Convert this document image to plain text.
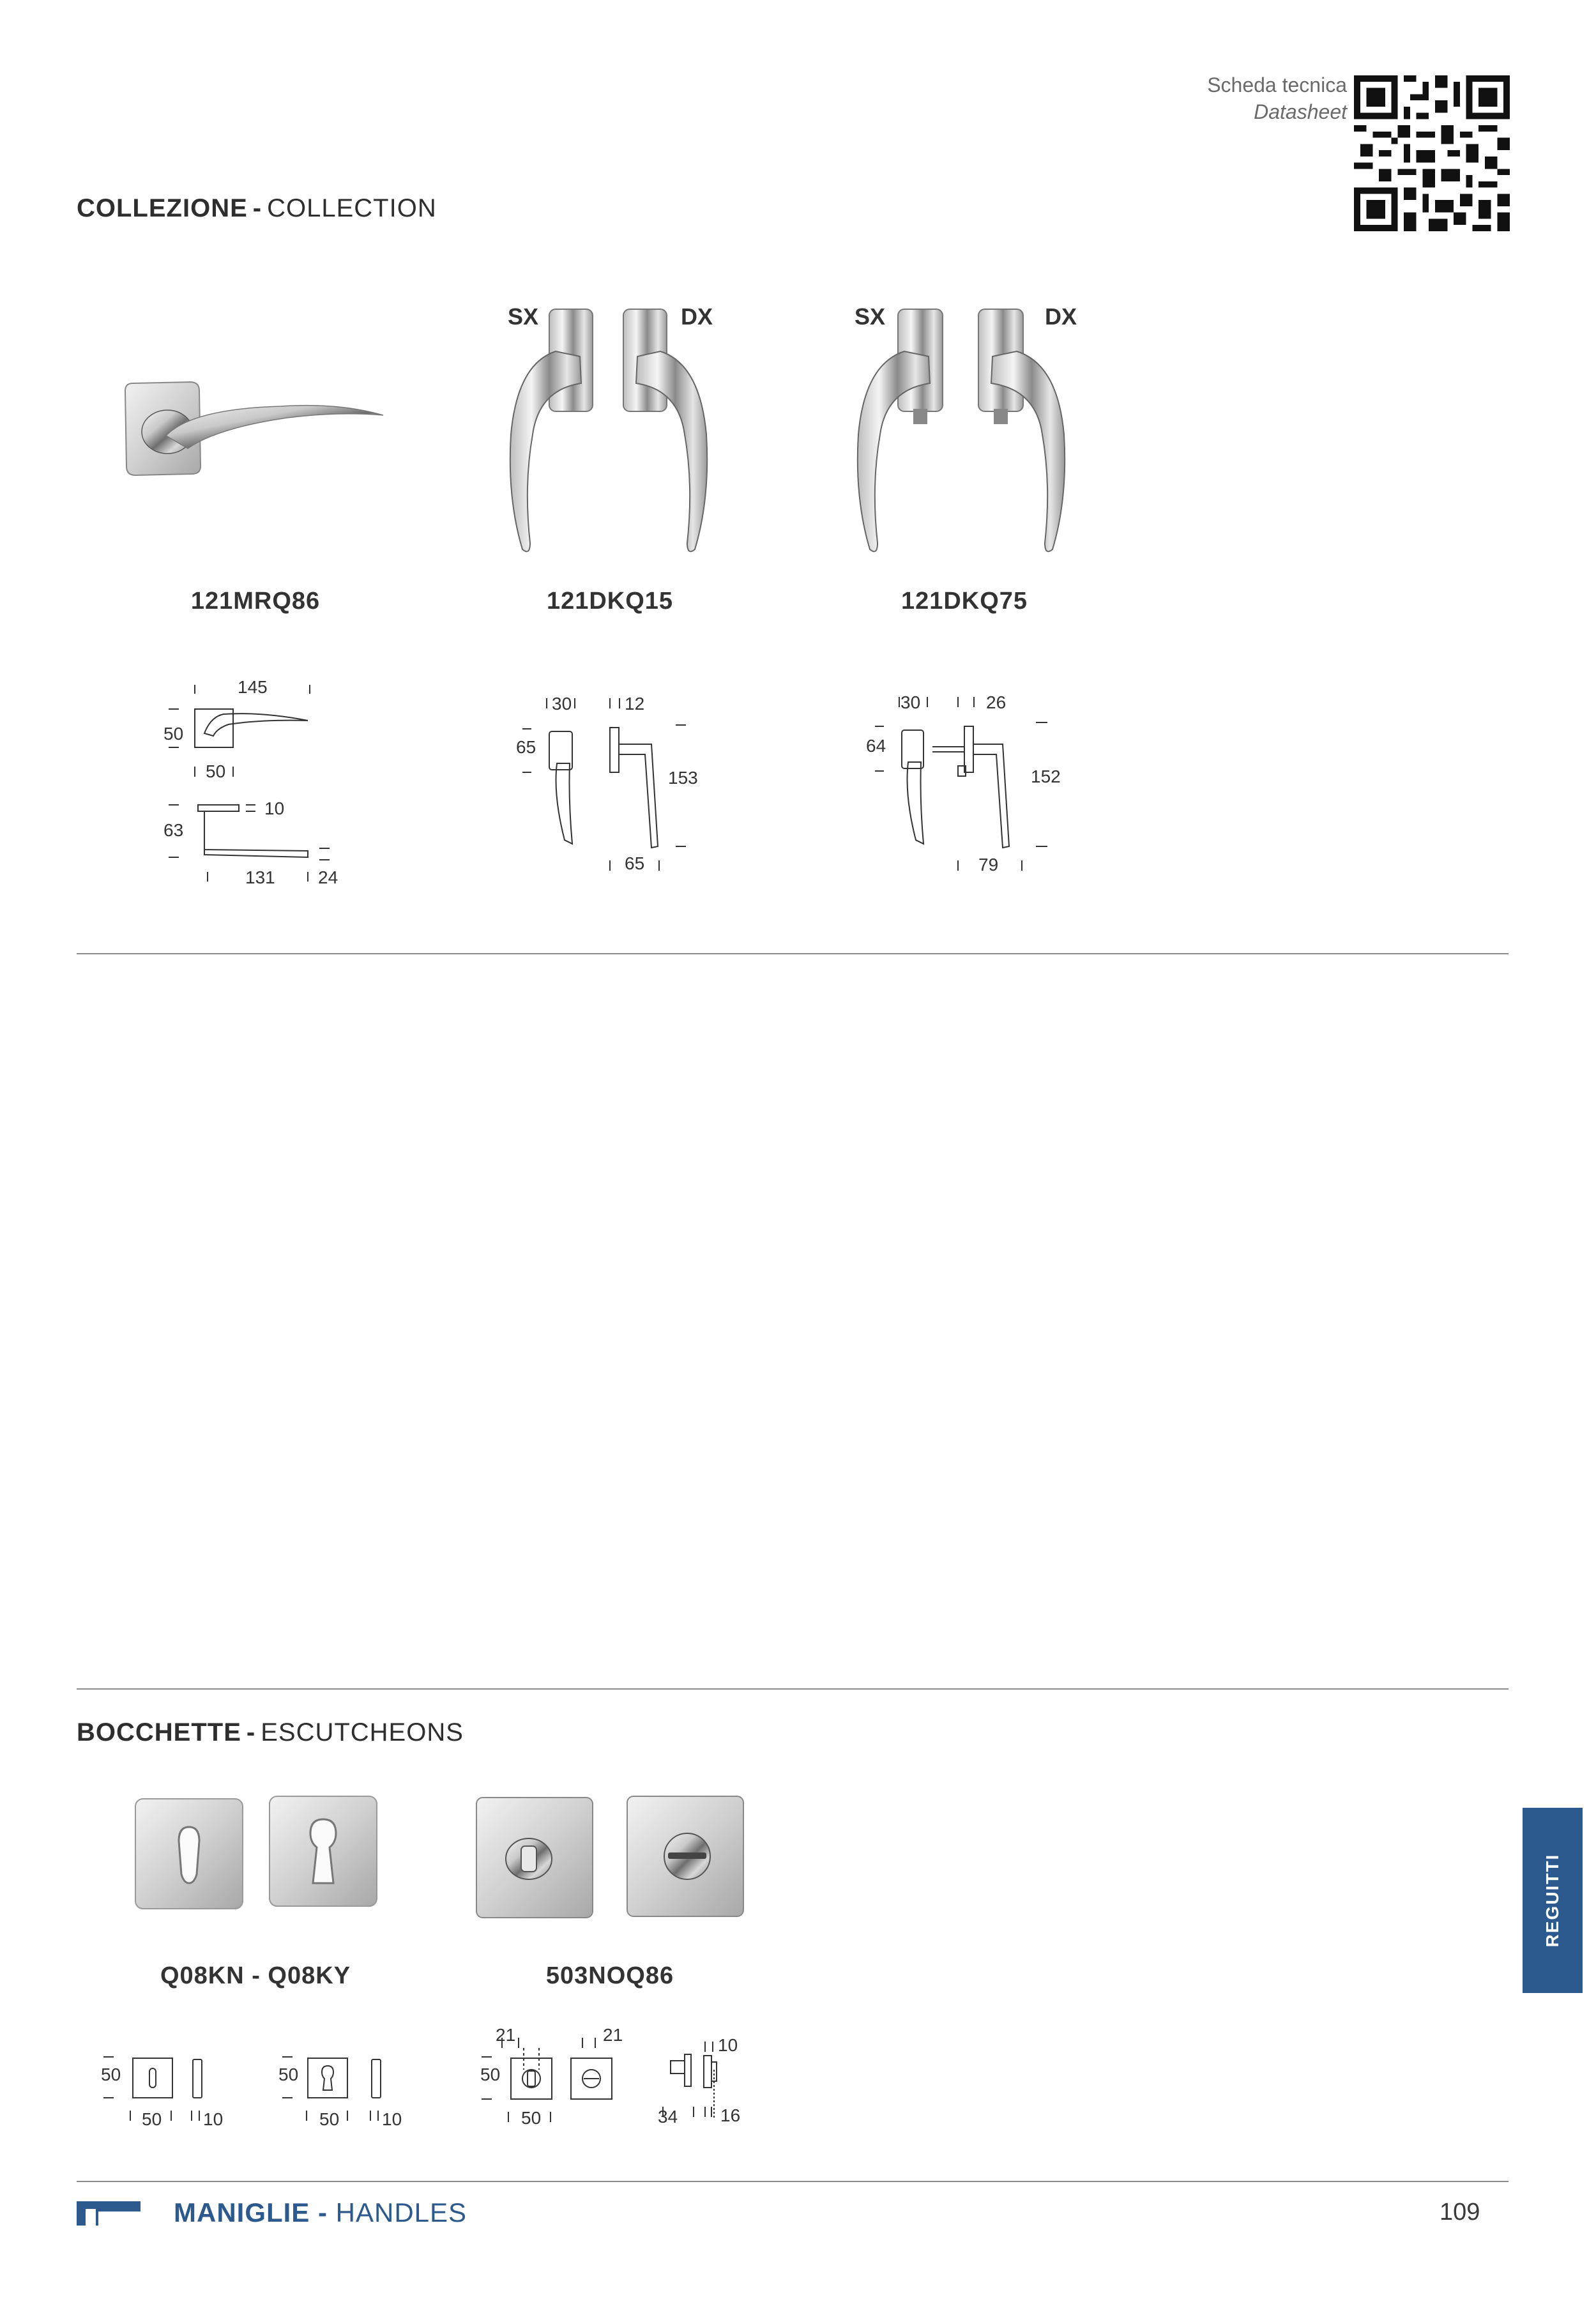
Scheda tecnica
Datasheet
COLLEZIONE - COLLECTION
SX	DX	SX	DX
121MRQ86	121DKQ15	121DKQ75
145
50
50
10
63
131 24
30	12
65
153
65
30	26
64
152
79
BOCCHETTE - ESCUTCHEONS
Q08KN - Q08KY	503NOQ86
50
50 10
50
50 10
21	21
50
50
10
34 16
REGUITTI
MANIGLIE - HANDLES	109
